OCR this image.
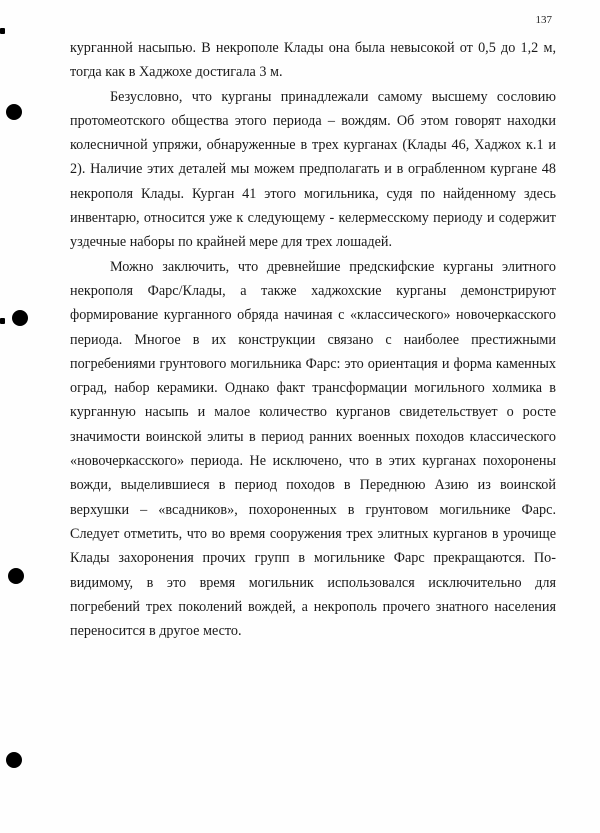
137

курганной насыпью. В некрополе Клады она была невысокой от 0,5 до 1,2 м, тогда как в Хаджохе достигала 3 м.

Безусловно, что курганы принадлежали самому высшему сословию протомеотского общества этого периода – вождям. Об этом говорят находки колесничной упряжи, обнаруженные в трех курганах (Клады 46, Хаджох к.1 и 2). Наличие этих деталей мы можем предполагать и в ограбленном кургане 48 некрополя Клады. Курган 41 этого могильника, судя по найденному здесь инвентарю, относится уже к следующему - келермесскому периоду и содержит уздечные наборы по крайней мере для трех лошадей.

Можно заключить, что древнейшие предскифские курганы элитного некрополя Фарс/Клады, а также хаджохские курганы демонстрируют формирование курганного обряда начиная с «классического» новочеркасского периода. Многое в их конструкции связано с наиболее престижными погребениями грунтового могильника Фарс: это ориентация и форма каменных оград, набор керамики. Однако факт трансформации могильного холмика в курганную насыпь и малое количество курганов свидетельствует о росте значимости воинской элиты в период ранних военных походов классического «новочеркасского» периода. Не исключено, что в этих курганах похоронены вожди, выделившиеся в период походов в Переднюю Азию из воинской верхушки – «всадников», похороненных в грунтовом могильнике Фарс. Следует отметить, что во время сооружения трех элитных курганов в урочище Клады захоронения прочих групп в могильнике Фарс прекращаются. По-видимому, в это время могильник использовался исключительно для погребений трех поколений вождей, а некрополь прочего знатного населения переносится в другое место.
